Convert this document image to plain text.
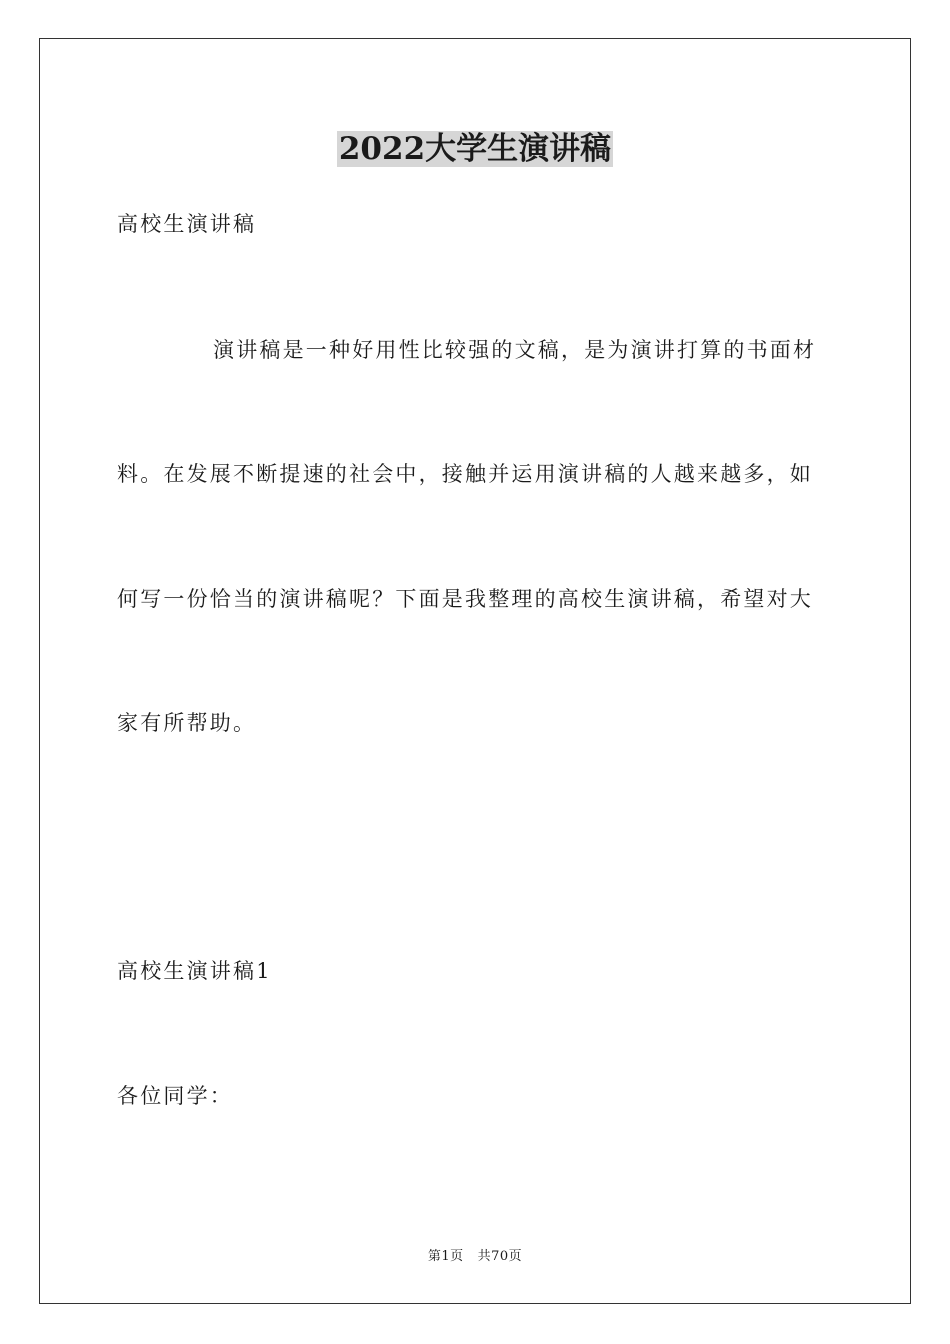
2022大学生演讲稿
高校生演讲稿
演讲稿是一种好用性比较强的文稿，是为演讲打算的书面材
料。在发展不断提速的社会中，接触并运用演讲稿的人越来越多，如
何写一份恰当的演讲稿呢？下面是我整理的高校生演讲稿，希望对大
家有所帮助。
高校生演讲稿1
各位同学：
第1页 共70页
